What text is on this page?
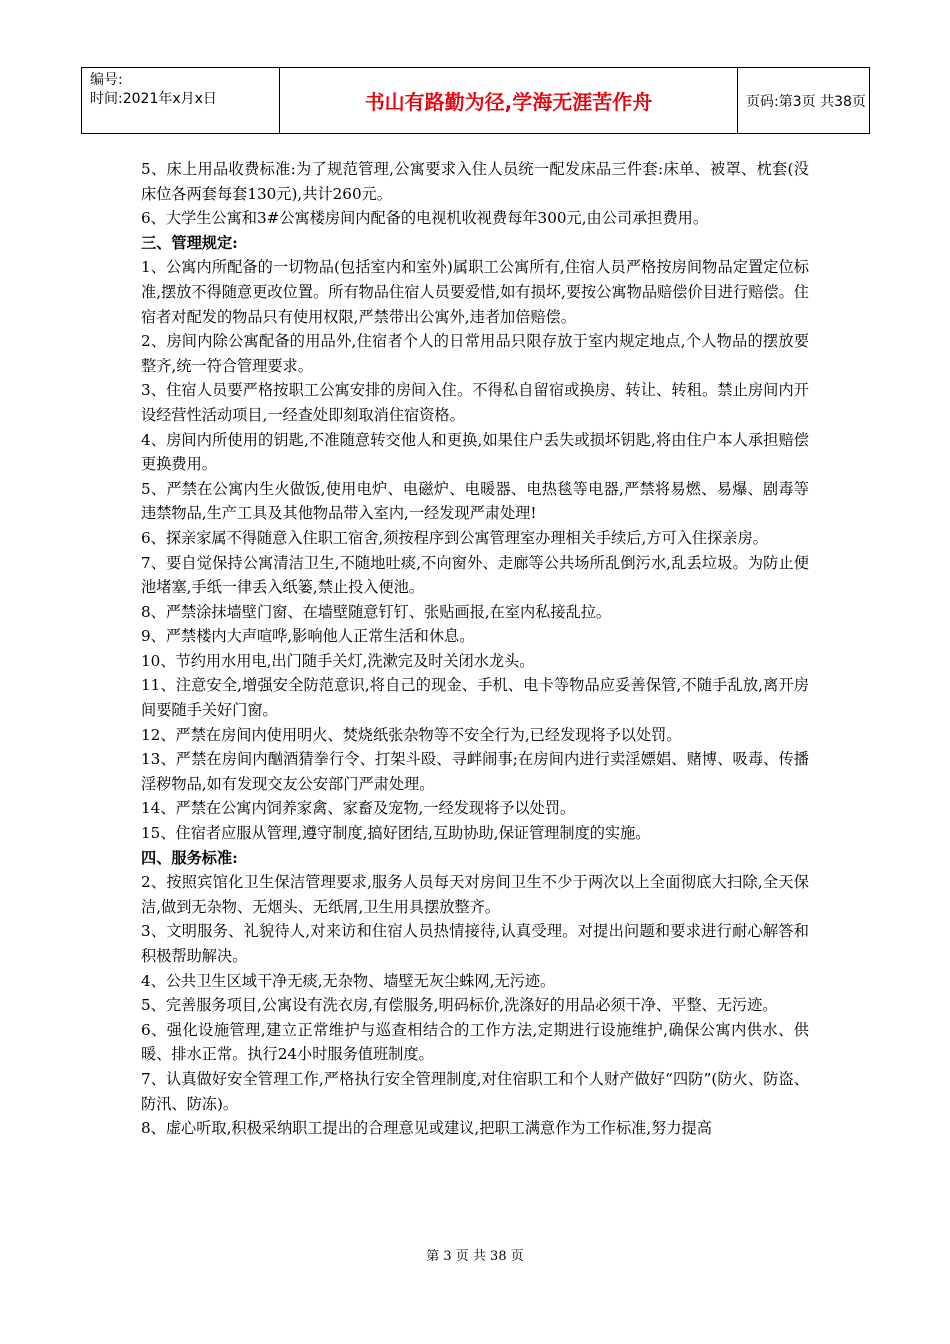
编号:
时间:2021年x月x日	书山有路勤为径,学海无涯苦作舟	页码:第3页 共38页

5、床上用品收费标准:为了规范管理,公寓要求入住人员统一配发床品三件套:床单、被罩、枕套(没床位各两套每套130元),共计260元。

6、大学生公寓和3#公寓楼房间内配备的电视机收视费每年300元,由公司承担费用。

三、管理规定:

1、公寓内所配备的一切物品(包括室内和室外)属职工公寓所有,住宿人员严格按房间物品定置定位标准,摆放不得随意更改位置。所有物品住宿人员要爱惜,如有损坏,要按公寓物品赔偿价目进行赔偿。住宿者对配发的物品只有使用权限,严禁带出公寓外,违者加倍赔偿。

2、房间内除公寓配备的用品外,住宿者个人的日常用品只限存放于室内规定地点,个人物品的摆放要整齐,统一符合管理要求。

3、住宿人员要严格按职工公寓安排的房间入住。不得私自留宿或换房、转让、转租。禁止房间内开设经营性活动项目,一经查处即刻取消住宿资格。

4、房间内所使用的钥匙,不准随意转交他人和更换,如果住户丢失或损坏钥匙,将由住户本人承担赔偿更换费用。

5、严禁在公寓内生火做饭,使用电炉、电磁炉、电暖器、电热毯等电器,严禁将易燃、易爆、剧毒等违禁物品,生产工具及其他物品带入室内,一经发现严肃处理!

6、探亲家属不得随意入住职工宿舍,须按程序到公寓管理室办理相关手续后,方可入住探亲房。

7、要自觉保持公寓清洁卫生,不随地吐痰,不向窗外、走廊等公共场所乱倒污水,乱丢垃圾。为防止便池堵塞,手纸一律丢入纸篓,禁止投入便池。

8、严禁涂抹墙壁门窗、在墙壁随意钉钉、张贴画报,在室内私接乱拉。

9、严禁楼内大声喧哗,影响他人正常生活和休息。

10、节约用水用电,出门随手关灯,洗漱完及时关闭水龙头。

11、注意安全,增强安全防范意识,将自己的现金、手机、电卡等物品应妥善保管,不随手乱放,离开房间要随手关好门窗。

12、严禁在房间内使用明火、焚烧纸张杂物等不安全行为,已经发现将予以处罚。

13、严禁在房间内酗酒猜拳行令、打架斗殴、寻衅闹事;在房间内进行卖淫嫖娼、赌博、吸毒、传播淫秽物品,如有发现交友公安部门严肃处理。

14、严禁在公寓内饲养家禽、家畜及宠物,一经发现将予以处罚。

15、住宿者应服从管理,遵守制度,搞好团结,互助协助,保证管理制度的实施。

四、服务标准:

2、按照宾馆化卫生保洁管理要求,服务人员每天对房间卫生不少于两次以上全面彻底大扫除,全天保洁,做到无杂物、无烟头、无纸屑,卫生用具摆放整齐。

3、文明服务、礼貌待人,对来访和住宿人员热情接待,认真受理。对提出问题和要求进行耐心解答和积极帮助解决。

4、公共卫生区域干净无痰,无杂物、墙壁无灰尘蛛网,无污迹。

5、完善服务项目,公寓设有洗衣房,有偿服务,明码标价,洗涤好的用品必须干净、平整、无污迹。

6、强化设施管理,建立正常维护与巡查相结合的工作方法,定期进行设施维护,确保公寓内供水、供暖、排水正常。执行24小时服务值班制度。

7、认真做好安全管理工作,严格执行安全管理制度,对住宿职工和个人财产做好“四防”(防火、防盗、防汛、防冻)。

8、虚心听取,积极采纳职工提出的合理意见或建议,把职工满意作为工作标准,努力提高

第 3 页 共 38 页
